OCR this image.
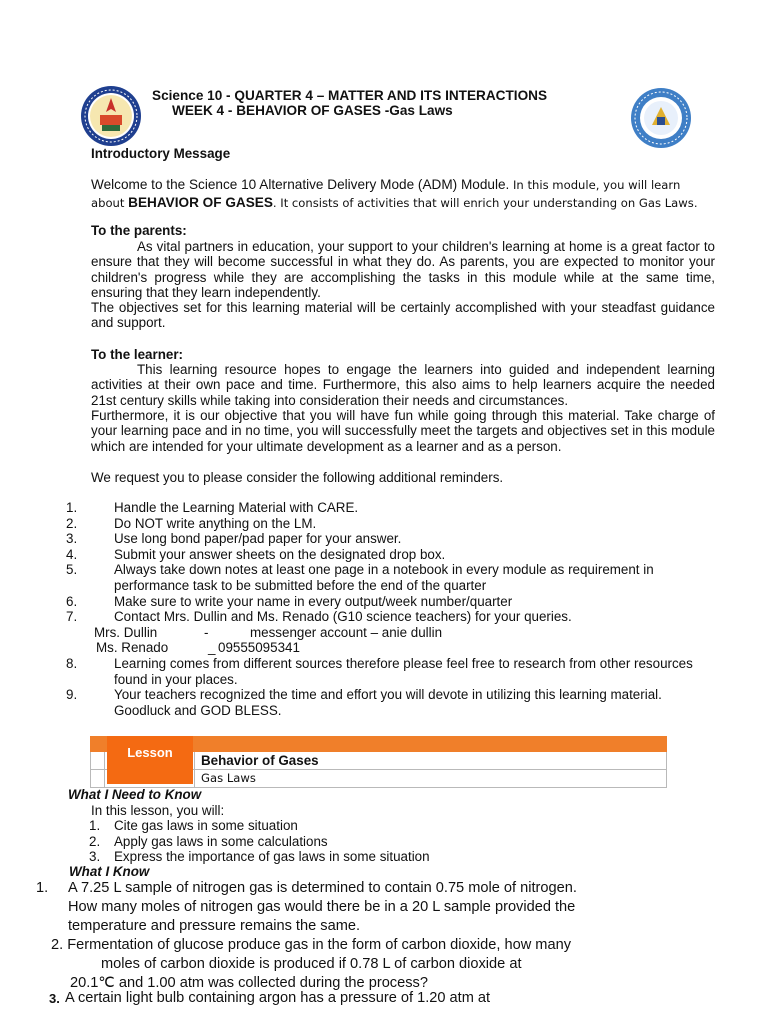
Science 10 - QUARTER 4 – MATTER AND ITS INTERACTIONS
WEEK 4 - BEHAVIOR OF GASES -Gas Laws
Introductory Message
Welcome to the Science 10 Alternative Delivery Mode (ADM) Module. In this module, you will learn
about BEHAVIOR OF GASES. It consists of activities that will enrich your understanding on Gas Laws.
To the parents:
As vital partners in education, your support to your children's learning at home is a great factor to ensure that they will become successful in what they do. As parents, you are expected to monitor your children's progress while they are accomplishing the tasks in this module while at the same time, ensuring that they learn independently.
The objectives set for this learning material will be certainly accomplished with your steadfast guidance and support.
To the learner:
This learning resource hopes to engage the learners into guided and independent learning activities at their own pace and time. Furthermore, this also aims to help learners acquire the needed 21st century skills while taking into consideration their needs and circumstances.
Furthermore, it is our objective that you will have fun while going through this material. Take charge of your learning pace and in no time, you will successfully meet the targets and objectives set in this module which are intended for your ultimate development as a learner and as a person.
We request you to please consider the following additional reminders.
1.	Handle the Learning Material with CARE.
2.	Do NOT write anything on the LM.
3.	Use long bond paper/pad paper for your answer.
4.	Submit your answer sheets on the designated drop box.
5.	Always take down notes at least one page in a notebook in every module as requirement in performance task to be submitted before the end of the quarter
6.	Make sure to write your name in every output/week number/quarter
7.	Contact Mrs. Dullin and Ms. Renado (G10 science teachers) for your queries.
Mrs. Dullin	-	messenger account – anie dullin
Ms. Renado	_ 09555095341
8.	Learning comes from different sources therefore please feel free to research from other resources found in your places.
9.	Your teachers recognized the time and effort you will devote in utilizing this learning material. Goodluck and GOD BLESS.
Lesson
Behavior of Gases
Gas Laws
What I Need to Know
In this lesson, you will:
1. Cite gas laws in some situation
2. Apply gas laws in some calculations
3. Express the importance of gas laws in some situation
What I Know
1. A 7.25 L sample of nitrogen gas is determined to contain 0.75 mole of nitrogen.
How many moles of nitrogen gas would there be in a 20 L sample provided the
temperature and pressure remains the same.
2. Fermentation of glucose produce gas in the form of carbon dioxide, how many
moles of carbon dioxide is produced if 0.78 L of carbon dioxide at
20.1℃ and 1.00 atm was collected during the process?
3. A certain light bulb containing argon has a pressure of 1.20 atm at
